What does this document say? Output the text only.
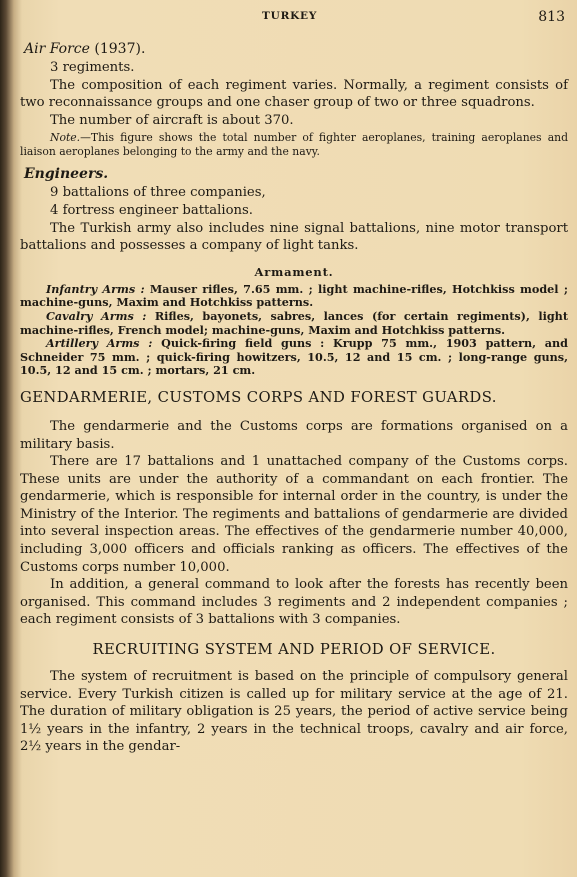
TURKEY	813

Air Force (1937).

3 regiments.

The composition of each regiment varies. Normally, a regiment consists of two reconnaissance groups and one chaser group of two or three squadrons.

The number of aircraft is about 370.

Note.—This figure shows the total number of fighter aeroplanes, training aeroplanes and liaison aeroplanes belonging to the army and the navy.

Engineers.

9 battalions of three companies,

4 fortress engineer battalions.

The Turkish army also includes nine signal battalions, nine motor transport battalions and possesses a company of light tanks.

Armament.

Infantry Arms : Mauser rifles, 7.65 mm. ; light machine-rifles, Hotchkiss model ; machine-guns, Maxim and Hotchkiss patterns.

Cavalry Arms : Rifles, bayonets, sabres, lances (for certain regiments), light machine-rifles, French model; machine-guns, Maxim and Hotchkiss patterns.

Artillery Arms : Quick-firing field guns : Krupp 75 mm., 1903 pattern, and Schneider 75 mm. ; quick-firing howitzers, 10.5, 12 and 15 cm. ; long-range guns, 10.5, 12 and 15 cm. ; mortars, 21 cm.

GENDARMERIE, CUSTOMS CORPS AND FOREST GUARDS.

The gendarmerie and the Customs corps are formations organised on a military basis.

There are 17 battalions and 1 unattached company of the Customs corps. These units are under the authority of a commandant on each frontier. The gendarmerie, which is responsible for internal order in the country, is under the Ministry of the Interior. The regiments and battalions of gendarmerie are divided into several inspection areas. The effectives of the gendarmerie number 40,000, including 3,000 officers and officials ranking as officers. The effectives of the Customs corps number 10,000.

In addition, a general command to look after the forests has recently been organised. This command includes 3 regiments and 2 independent companies ; each regiment consists of 3 battalions with 3 companies.

RECRUITING SYSTEM AND PERIOD OF SERVICE.

The system of recruitment is based on the principle of compulsory general service. Every Turkish citizen is called up for military service at the age of 21. The duration of military obligation is 25 years, the period of active service being 1½ years in the infantry, 2 years in the technical troops, cavalry and air force, 2½ years in the gendar-
